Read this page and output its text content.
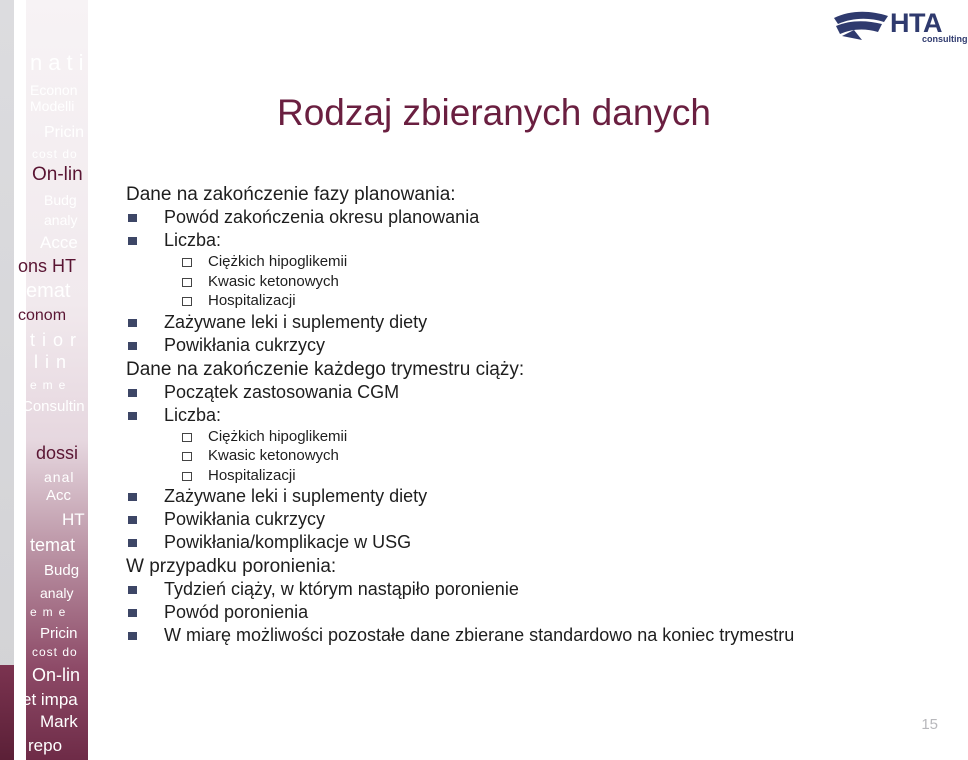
nati
Econon
Modelli
Pricin
cost do
On-lin
Budg
analy
Acce
ons HT
emat
conom
tior
lin
eme
Consultin
dossi
anal
Acc
HT
temat
Budg
analy
eme
Pricin
cost do
On-lin
et impa
Mark
repo
HTA
consulting
Rodzaj zbieranych danych
Dane na zakończenie fazy planowania:
Powód zakończenia okresu planowania
Liczba:
Ciężkich hipoglikemii
Kwasic ketonowych
Hospitalizacji
Zażywane leki i suplementy diety
Powikłania cukrzycy
Dane na zakończenie każdego trymestru ciąży:
Początek zastosowania CGM
Liczba:
Ciężkich hipoglikemii
Kwasic ketonowych
Hospitalizacji
Zażywane leki i suplementy diety
Powikłania cukrzycy
Powikłania/komplikacje w USG
W przypadku poronienia:
Tydzień ciąży, w którym nastąpiło poronienie
Powód poronienia
W miarę możliwości pozostałe dane zbierane standardowo na koniec trymestru
15
